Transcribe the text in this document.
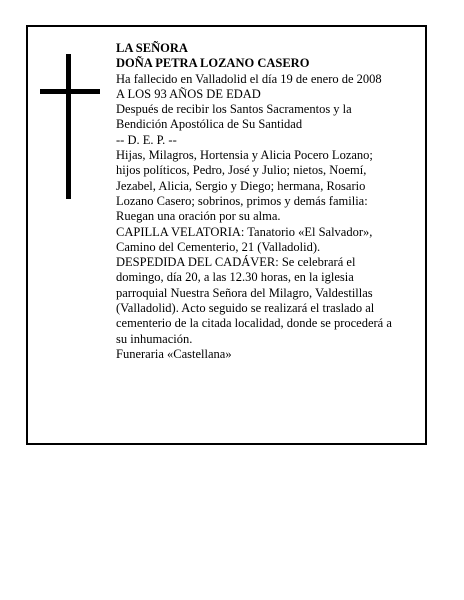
LA SEÑORA
DOÑA PETRA LOZANO CASERO
Ha fallecido en Valladolid el día 19 de enero de 2008
A LOS 93 AÑOS DE EDAD
Después de recibir los Santos Sacramentos y la
Bendición Apostólica de Su Santidad
-- D. E. P. --
Hijas, Milagros, Hortensia y Alicia Pocero Lozano;
hijos políticos, Pedro, José y Julio; nietos, Noemí,
Jezabel, Alicia, Sergio y Diego; hermana, Rosario
Lozano Casero; sobrinos, primos y demás familia:
Ruegan una oración por su alma.
CAPILLA VELATORIA: Tanatorio «El Salvador»,
Camino del Cementerio, 21 (Valladolid).
DESPEDIDA DEL CADÁVER: Se celebrará el
domingo, día 20, a las 12.30 horas, en la iglesia
parroquial Nuestra Señora del Milagro, Valdestillas
(Valladolid). Acto seguido se realizará el traslado al
cementerio de la citada localidad, donde se procederá a
su inhumación.
Funeraria «Castellana»
